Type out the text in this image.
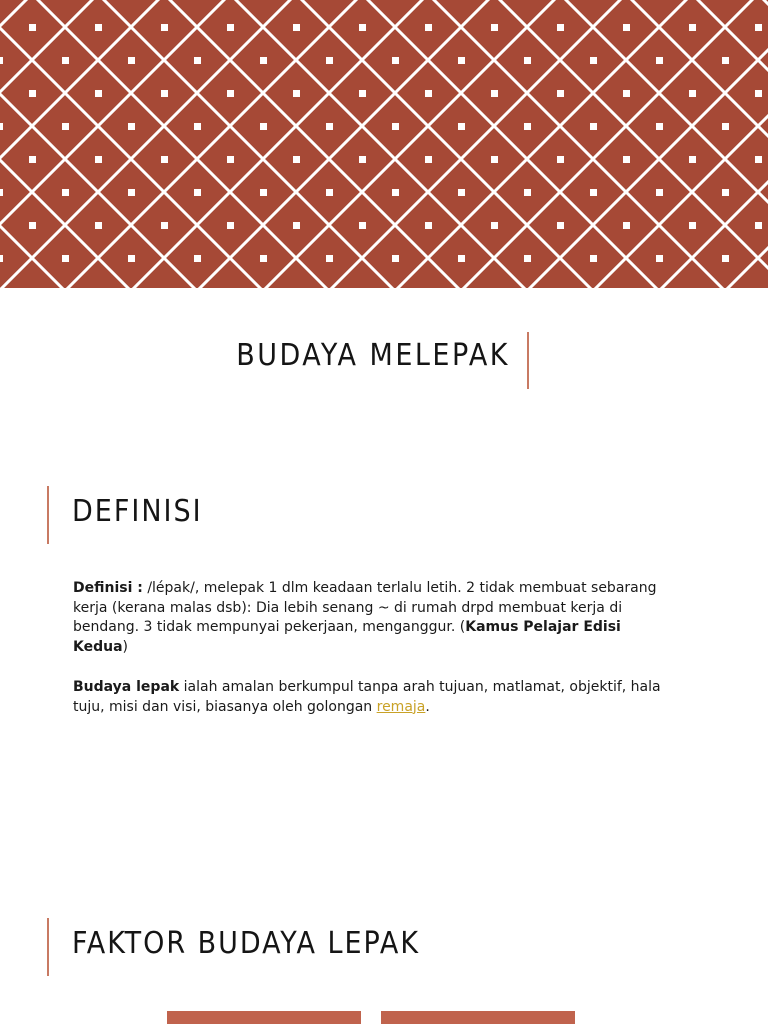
BUDAYA MELEPAK
DEFINISI
Definisi : /lépak/, melepak 1 dlm keadaan terlalu letih. 2 tidak membuat sebarang kerja (kerana malas dsb): Dia lebih senang ~ di rumah drpd membuat kerja di bendang. 3 tidak mempunyai pekerjaan, menganggur. (Kamus Pelajar Edisi Kedua)
Budaya lepak ialah amalan berkumpul tanpa arah tujuan, matlamat, objektif, hala tuju, misi dan visi, biasanya oleh golongan remaja.
FAKTOR BUDAYA LEPAK
